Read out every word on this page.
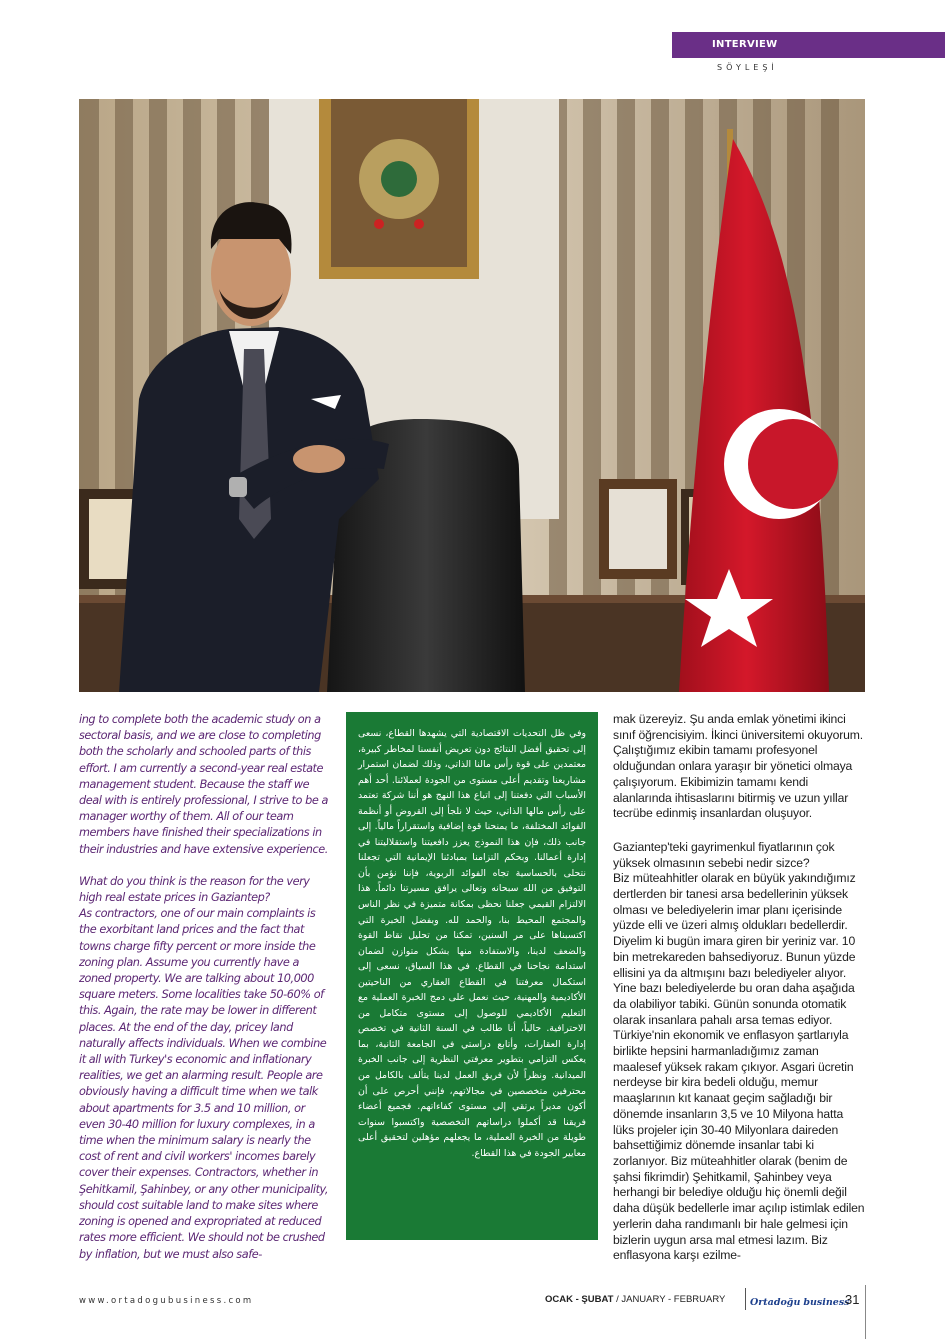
INTERVIEW
SÖYLEŞİ

ing to complete both the academic study on a sectoral basis, and we are close to completing both the scholarly and schooled parts of this effort. I am currently a second-year real estate management student. Because the staff we deal with is entirely professional, I strive to be a manager worthy of them. All of our team members have finished their specializations in their industries and have extensive experience.

What do you think is the reason for the very high real estate prices in Gaziantep?

As contractors, one of our main complaints is the exorbitant land prices and the fact that towns charge fifty percent or more inside the zoning plan. Assume you currently have a zoned property. We are talking about 10,000 square meters. Some localities take 50-60% of this. Again, the rate may be lower in different places. At the end of the day, pricey land naturally affects individuals. When we combine it all with Turkey's economic and inflationary realities, we get an alarming result. People are obviously having a difficult time when we talk about apartments for 3.5 and 10 million, or even 30-40 million for luxury complexes, in a time when the minimum salary is nearly the cost of rent and civil workers' incomes barely cover their expenses. Contractors, whether in Şehitkamil, Şahinbey, or any other municipality, should cost suitable land to make sites where zoning is opened and expropriated at reduced rates more efficient. We should not be crushed by inflation, but we must also safe-

وفي ظل التحديات الاقتصادية التي يشهدها القطاع، نسعى إلى تحقيق أفضل النتائج دون تعريض أنفسنا لمخاطر كبيرة، معتمدين على قوة رأس مالنا الذاتي، وذلك لضمان استمرار مشاريعنا وتقديم أعلى مستوى من الجودة لعملائنا. أحد أهم الأسباب التي دفعتنا إلى اتباع هذا النهج هو أننا شركة تعتمد على رأس مالها الذاتي، حيث لا نلجأ إلى القروض أو أنظمة الفوائد المختلفة، ما يمنحنا قوة إضافية واستقراراً مالياً. إلى جانب ذلك، فإن هذا النموذج يعزز دافعيتنا واستقلاليتنا في إدارة أعمالنا. وبحكم التزامنا بمبادئنا الإيمانية التي تجعلنا نتحلى بالحساسية تجاه الفوائد الربوية، فإننا نؤمن بأن التوفيق من الله سبحانه وتعالى يرافق مسيرتنا دائماً. هذا الالتزام القيمي جعلنا نحظى بمكانة متميزة في نظر الناس والمجتمع المحيط بنا، والحمد لله. وبفضل الخبرة التي اكتسبناها على مر السنين، تمكنا من تحليل نقاط القوة والضعف لدينا، والاستفادة منها بشكل متوازن لضمان استدامة نجاحنا في القطاع. في هذا السياق، نسعى إلى استكمال معرفتنا في القطاع العقاري من الناحيتين الأكاديمية والمهنية، حيث نعمل على دمج الخبرة العملية مع التعليم الأكاديمي للوصول إلى مستوى متكامل من الاحترافية. حالياً، أنا طالب في السنة الثانية في تخصص إدارة العقارات، وأتابع دراستي في الجامعة الثانية، بما يعكس التزامي بتطوير معرفتي النظرية إلى جانب الخبرة الميدانية. ونظراً لأن فريق العمل لدينا يتألف بالكامل من محترفين متخصصين في مجالاتهم، فإنني أحرص على أن أكون مديراً يرتقي إلى مستوى كفاءاتهم. فجميع أعضاء فريقنا قد أكملوا دراساتهم التخصصية واكتسبوا سنوات طويلة من الخبرة العملية، ما يجعلهم مؤهلين لتحقيق أعلى معايير الجودة في هذا القطاع.

mak üzereyiz. Şu anda emlak yönetimi ikinci sınıf öğrencisiyim. İkinci üniversitemi okuyorum. Çalıştığımız ekibin tamamı profesyonel olduğundan onlara yaraşır bir yönetici olmaya çalışıyorum. Ekibimizin tamamı kendi alanlarında ihtisaslarını bitirmiş ve uzun yıllar tecrübe edinmiş insanlardan oluşuyor.

Gaziantep'teki gayrimenkul fiyatlarının çok
yüksek olmasının sebebi nedir sizce?

Biz müteahhitler olarak en büyük yakındığımız dertlerden bir tanesi arsa bedellerinin yüksek olması ve belediyelerin imar planı içerisinde yüzde elli ve üzeri almış oldukları bedellerdir. Diyelim ki bugün imara giren bir yeriniz var. 10 bin metrekareden bahsediyoruz. Bunun yüzde ellisini ya da altmışını bazı belediyeler alıyor. Yine bazı belediyelerde bu oran daha aşağıda da olabiliyor tabiki. Günün sonunda otomatik olarak insanlara pahalı arsa temas ediyor. Türkiye'nin ekonomik ve enflasyon şartlarıyla birlikte hepsini harmanladığımız zaman maalesef yüksek rakam çıkıyor. Asgari ücretin nerdeyse bir kira bedeli olduğu, memur maaşlarının kıt kanaat geçim sağladığı bir dönemde insanların 3,5 ve 10 Milyona hatta lüks projeler için 30-40 Milyonlara daireden bahsettiğimiz dönemde insanlar tabi ki zorlanıyor. Biz müteahhitler olarak (benim de şahsi fikrimdir) Şehitkamil, Şahinbey veya herhangi bir belediye olduğu hiç önemli değil daha düşük bedellerle imar açılıp istimlak edilen yerlerin daha randımanlı bir hale gelmesi için bizlerin uygun arsa mal etmesi lazım. Biz enflasyona karşı ezilme-

www.ortadogubusiness.com	OCAK - ŞUBAT / JANUARY - FEBRUARY	Ortadoğu business
31
